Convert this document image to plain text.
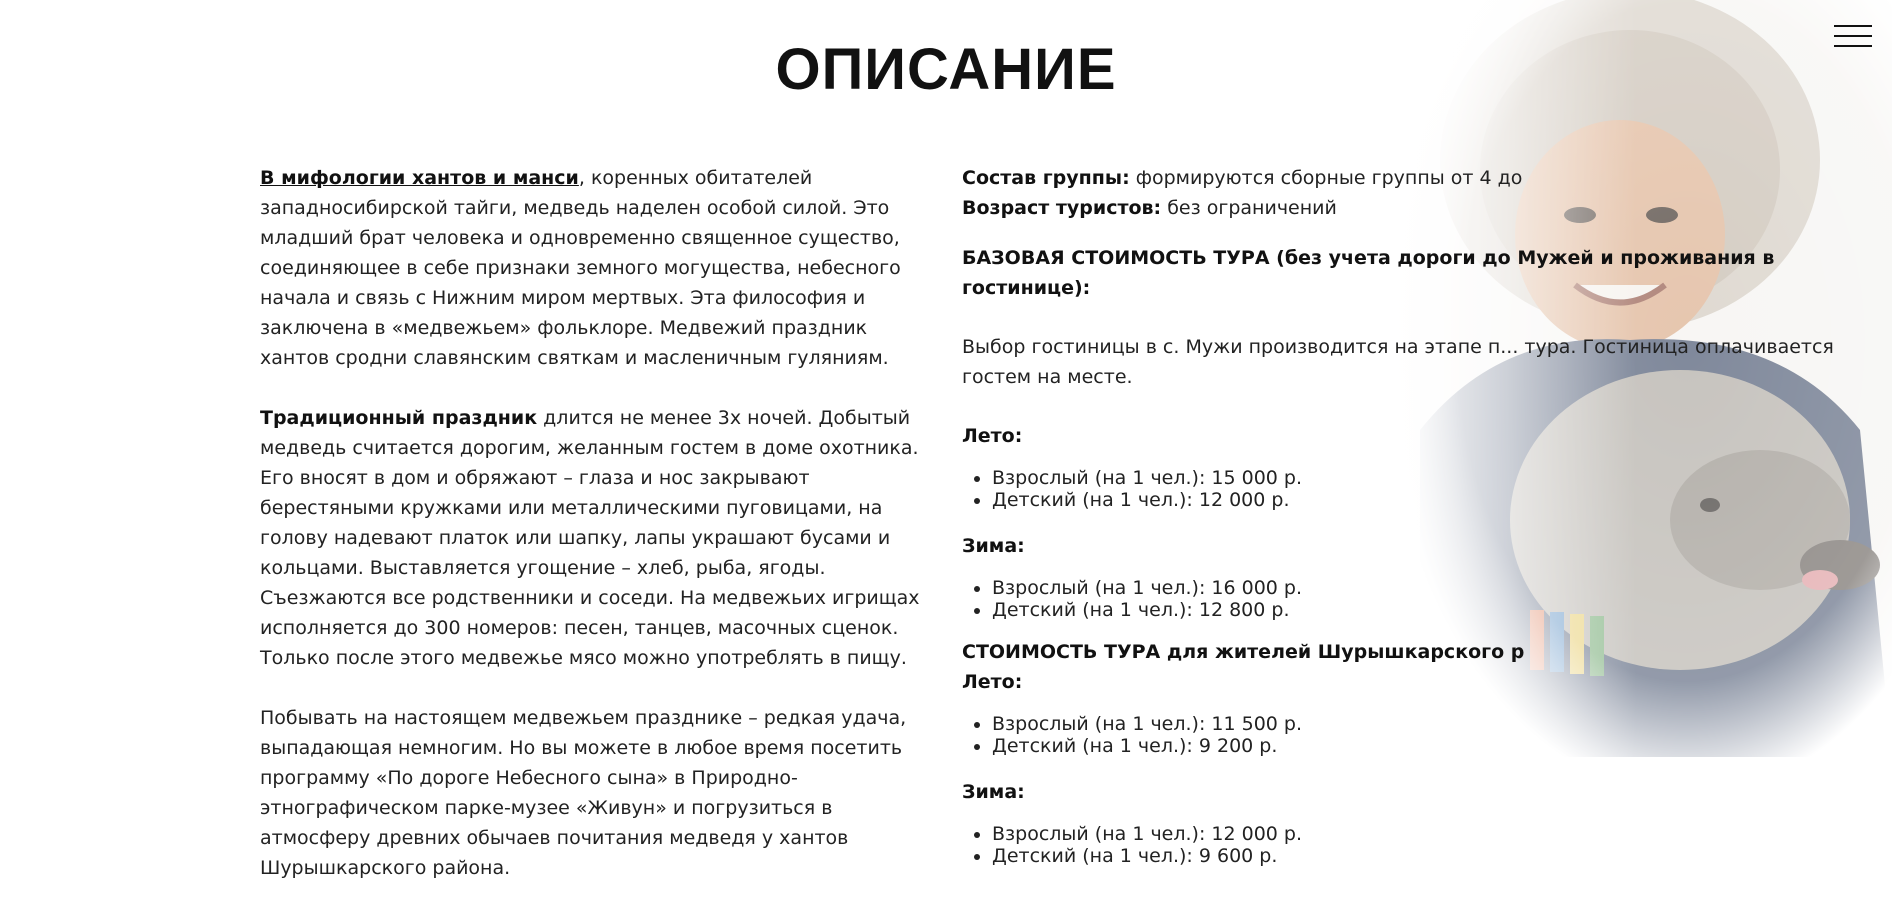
ОПИСАНИЕ

В мифологии хантов и манси, коренных обитателей западносибирской тайги, медведь наделен особой силой. Это младший брат человека и одновременно священное существо, соединяющее в себе признаки земного могущества, небесного начала и связь с Нижним миром мертвых. Эта философия и заключена в «медвежьем» фольклоре. Медвежий праздник хантов сродни славянским святкам и масленичным гуляниям.

Традиционный праздник длится не менее 3х ночей. Добытый медведь считается дорогим, желанным гостем в доме охотника. Его вносят в дом и обряжают – глаза и нос закрывают берестяными кружками или металлическими пуговицами, на голову надевают платок или шапку, лапы украшают бусами и кольцами. Выставляется угощение – хлеб, рыба, ягоды. Съезжаются все родственники и соседи. На медвежьих игрищах исполняется до 300 номеров: песен, танцев, масочных сценок. Только после этого медвежье мясо можно употреблять в пищу.

Побывать на настоящем медвежьем празднике – редкая удача, выпадающая немногим. Но вы можете в любое время посетить программу «По дороге Небесного сына» в Природно-этнографическом парке-музее «Живун» и погрузиться в атмосферу древних обычаев почитания медведя у хантов Шурышкарского района.

Состав группы: формируются сборные группы от 4 до

Возраст туристов: без ограничений

БАЗОВАЯ СТОИМОСТЬ ТУРА (без учета дороги до Мужей и проживания в гостинице):

Выбор гостиницы в с. Мужи производится на этапе п... тура. Гостиница оплачивается гостем на месте.

Лето:

• Взрослый (на 1 чел.): 15 000 р.
• Детский (на 1 чел.): 12 000 р.

Зима:

• Взрослый (на 1 чел.): 16 000 р.
• Детский (на 1 чел.): 12 800 р.

СТОИМОСТЬ ТУРА для жителей Шурышкарского р

Лето:

• Взрослый (на 1 чел.): 11 500 р.
• Детский (на 1 чел.): 9 200 р.

Зима:

• Взрослый (на 1 чел.): 12 000 р.
• Детский (на 1 чел.): 9 600 р.
